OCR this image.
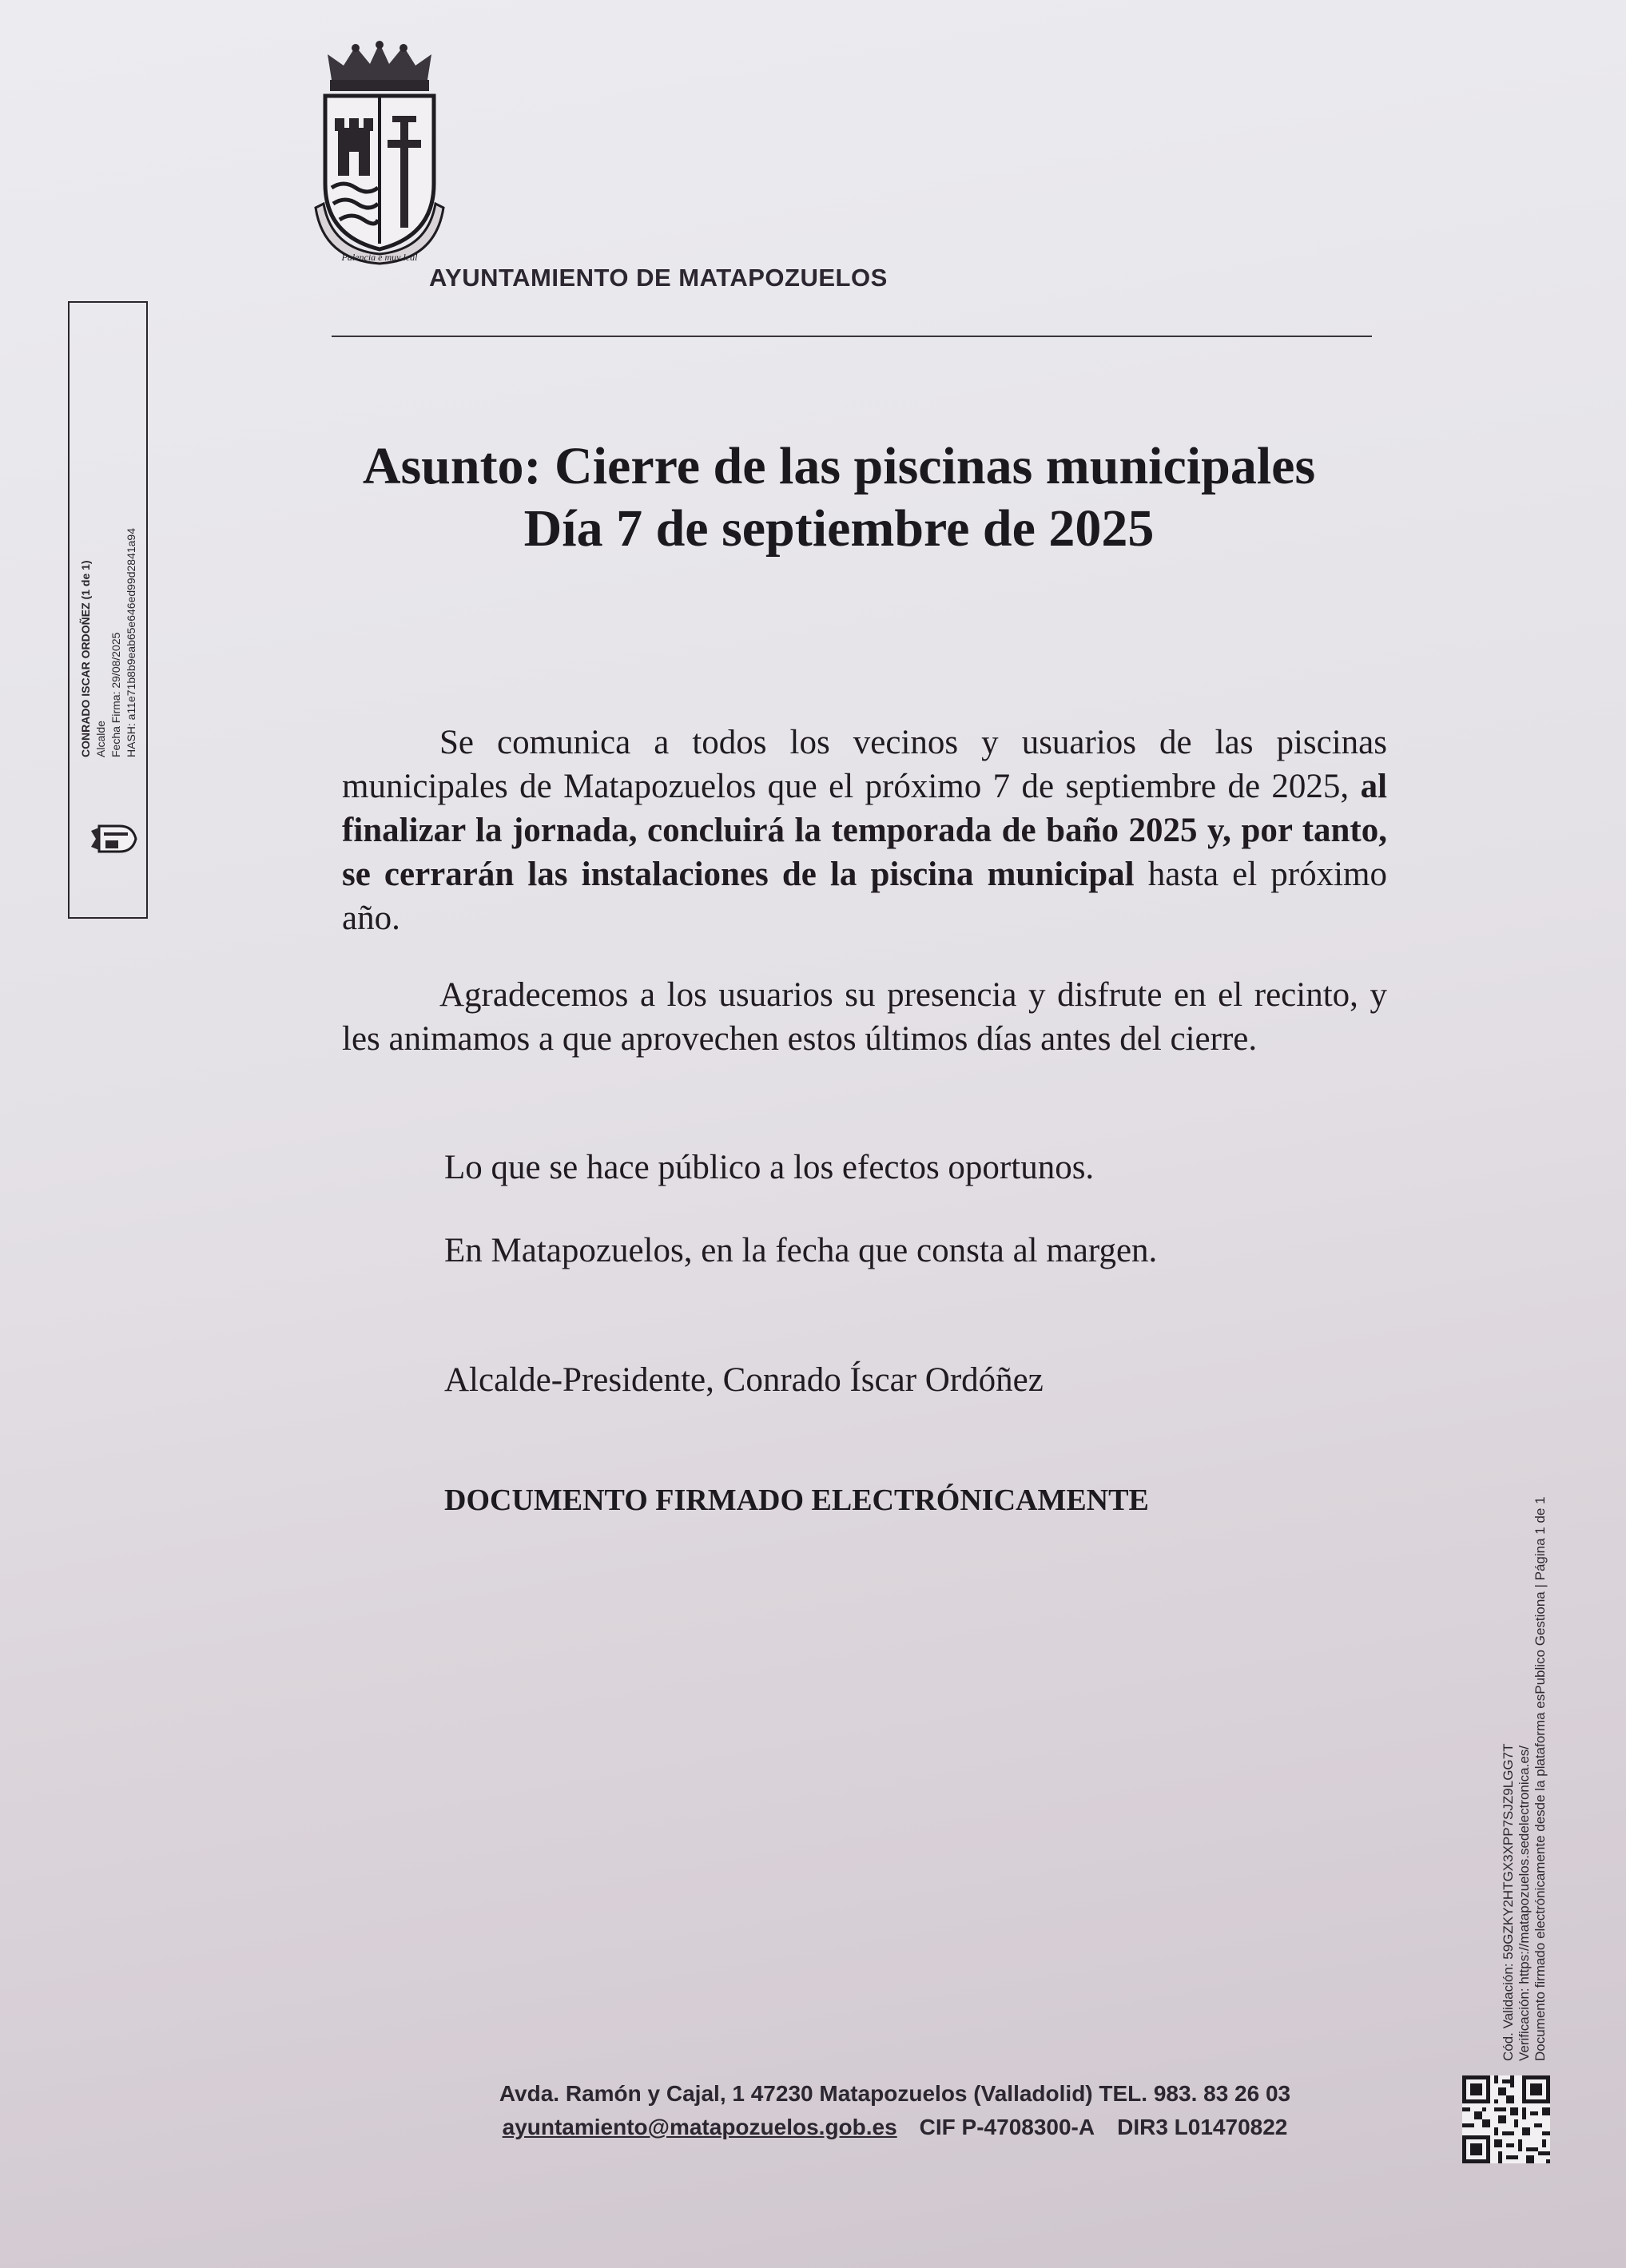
Palencia e muy leal
AYUNTAMIENTO DE MATAPOZUELOS
CONRADO ISCAR ORDOÑEZ (1 de 1) Alcalde Fecha Firma: 29/08/2025 HASH: a11e71b8b9eab65e646ed99d2841a94
Asunto: Cierre de las piscinas municipales
Día 7 de septiembre de 2025
Se comunica a todos los vecinos y usuarios de las piscinas municipales de Matapozuelos que el próximo 7 de septiembre de 2025, al finalizar la jornada, concluirá la temporada de baño 2025 y, por tanto, se cerrarán las instalaciones de la piscina municipal hasta el próximo año.
Agradecemos a los usuarios su presencia y disfrute en el recinto, y les animamos a que aprovechen estos últimos días antes del cierre.
Lo que se hace público a los efectos oportunos.
En Matapozuelos, en la fecha que consta al margen.
Alcalde-Presidente, Conrado Íscar Ordóñez
DOCUMENTO FIRMADO ELECTRÓNICAMENTE
Cód. Validación: 59GZKY2HTGX3XPP7SJZ9LGG7T Verificación: https://matapozuelos.sedelectronica.es/ Documento firmado electrónicamente desde la plataforma esPublico Gestiona | Página 1 de 1
Avda. Ramón y Cajal, 1 47230 Matapozuelos (Valladolid) TEL. 983. 83 26 03
ayuntamiento@matapozuelos.gob.es CIF P-4708300-A DIR3 L01470822
